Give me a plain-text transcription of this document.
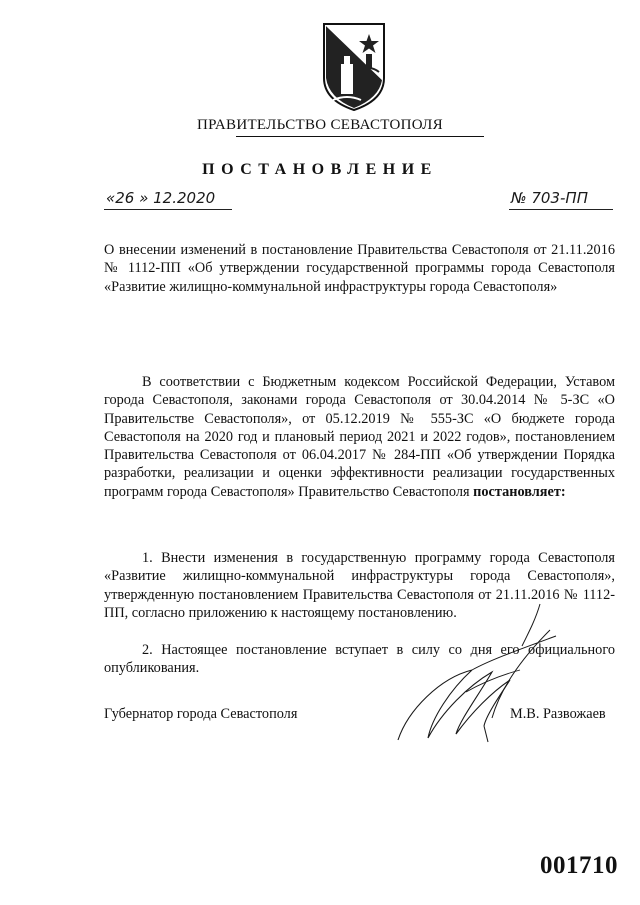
ПРАВИТЕЛЬСТВО СЕВАСТОПОЛЯ
ПОСТАНОВЛЕНИЕ
«26 » 12.2020	№ 703-ПП
О внесении изменений в постановление Правительства Севастополя от 21.11.2016 № 1112-ПП «Об утверждении государственной программы города Севастополя «Развитие жилищно-коммунальной инфраструктуры города Севастополя»
В соответствии с Бюджетным кодексом Российской Федерации, Уставом города Севастополя, законами города Севастополя от 30.04.2014 № 5-ЗС «О Правительстве Севастополя», от 05.12.2019 № 555-ЗС «О бюджете города Севастополя на 2020 год и плановый период 2021 и 2022 годов», постановлением Правительства Севастополя от 06.04.2017 № 284-ПП «Об утверждении Порядка разработки, реализации и оценки эффективности реализации государственных программ города Севастополя» Правительство Севастополя постановляет:
1. Внести изменения в государственную программу города Севастополя «Развитие жилищно-коммунальной инфраструктуры города Севастополя», утвержденную постановлением Правительства Севастополя от 21.11.2016 № 1112-ПП, согласно приложению к настоящему постановлению.
2. Настоящее постановление вступает в силу со дня его официального опубликования.
Губернатор города Севастополя	М.В. Развожаев
001710
